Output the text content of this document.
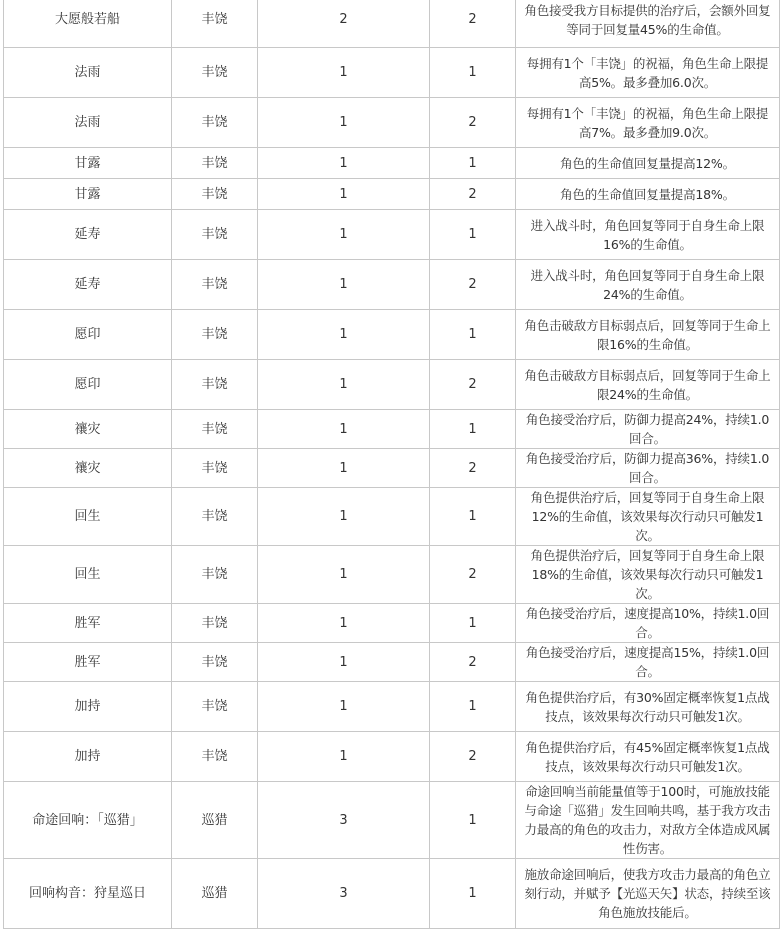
大愿般若船	丰饶	2	2	角色接受我方目标提供的治疗后，会额外回复等同于回复量45%的生命值。
法雨	丰饶	1	1	每拥有1个「丰饶」的祝福，角色生命上限提高5%。最多叠加6.0次。
法雨	丰饶	1	2	每拥有1个「丰饶」的祝福，角色生命上限提高7%。最多叠加9.0次。
甘露	丰饶	1	1	角色的生命值回复量提高12%。
甘露	丰饶	1	2	角色的生命值回复量提高18%。
延寿	丰饶	1	1	进入战斗时，角色回复等同于自身生命上限16%的生命值。
延寿	丰饶	1	2	进入战斗时，角色回复等同于自身生命上限24%的生命值。
愿印	丰饶	1	1	角色击破敌方目标弱点后，回复等同于生命上限16%的生命值。
愿印	丰饶	1	2	角色击破敌方目标弱点后，回复等同于生命上限24%的生命值。
禳灾	丰饶	1	1	角色接受治疗后，防御力提高24%，持续1.0回合。
禳灾	丰饶	1	2	角色接受治疗后，防御力提高36%，持续1.0回合。
回生	丰饶	1	1	角色提供治疗后，回复等同于自身生命上限12%的生命值，该效果每次行动只可触发1次。
回生	丰饶	1	2	角色提供治疗后，回复等同于自身生命上限18%的生命值，该效果每次行动只可触发1次。
胜军	丰饶	1	1	角色接受治疗后，速度提高10%，持续1.0回合。
胜军	丰饶	1	2	角色接受治疗后，速度提高15%，持续1.0回合。
加持	丰饶	1	1	角色提供治疗后，有30%固定概率恢复1点战技点，该效果每次行动只可触发1次。
加持	丰饶	1	2	角色提供治疗后，有45%固定概率恢复1点战技点，该效果每次行动只可触发1次。
命途回响：「巡猎」	巡猎	3	1	命途回响当前能量值等于100时，可施放技能与命途「巡猎」发生回响共鸣，基于我方攻击力最高的角色的攻击力，对敌方全体造成风属性伤害。
回响构音：狩星巡日	巡猎	3	1	施放命途回响后，使我方攻击力最高的角色立刻行动，并赋予【光巡天矢】状态，持续至该角色施放技能后。
